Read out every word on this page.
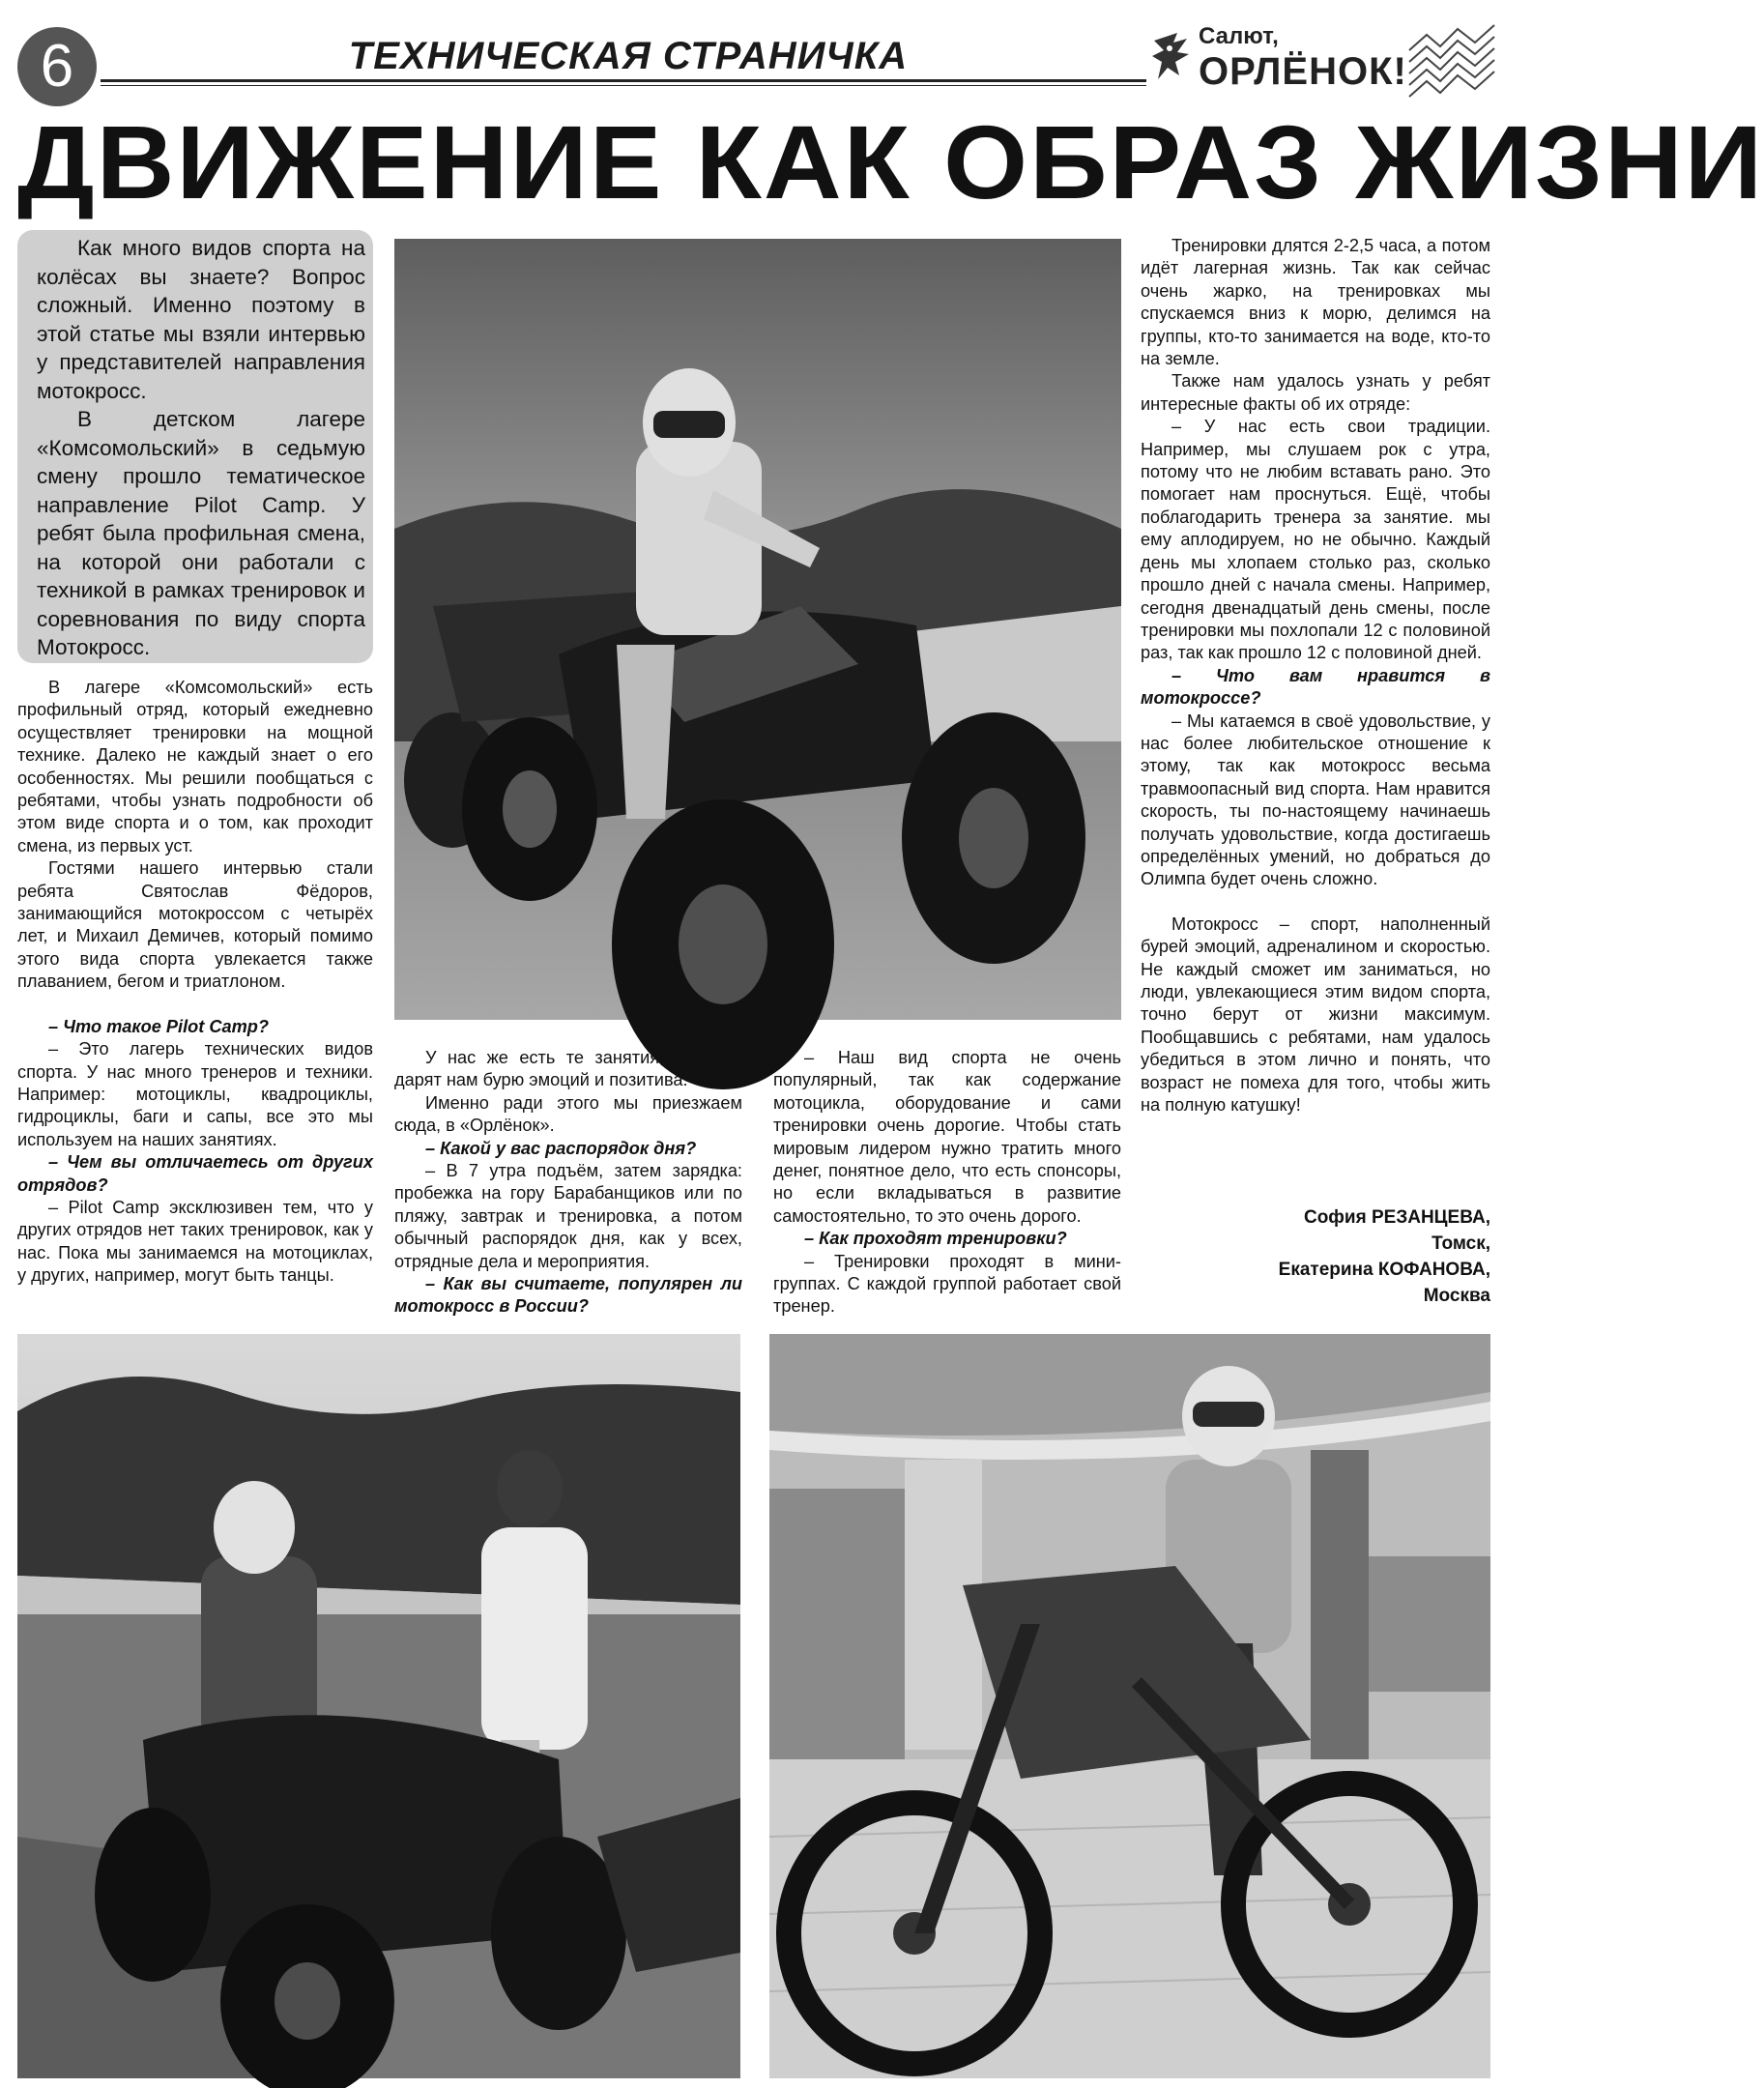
6	ТЕХНИЧЕСКАЯ СТРАНИЧКА	Салют,
ОРЛЁНОК!
ДВИЖЕНИЕ КАК ОБРАЗ ЖИЗНИ

Как много видов спорта на колёсах вы знаете? Вопрос сложный. Именно поэтому в этой статье мы взяли интервью у представителей направления мотокросс.

В детском лагере «Комсомольский» в седьмую смену прошло тематическое направление Pilot Camp. У ребят была профильная смена, на которой они работали с техникой в рамках тренировок и соревнования по виду спорта Мотокросс.

В лагере «Комсомольский» есть профильный отряд, который ежедневно осуществляет тренировки на мощной технике. Далеко не каждый знает о его особенностях. Мы решили пообщаться с ребятами, чтобы узнать подробности об этом виде спорта и о том, как проходит смена, из первых уст.

Гостями нашего интервью стали ребята Святослав Фёдоров, занимающийся мотокроссом с четырёх лет, и Михаил Демичев, который помимо этого вида спорта увлекается также плаванием, бегом и триатлоном.

– Что такое Pilot Camp?

– Это лагерь технических видов спорта. У нас много тренеров и техники. Например: мотоциклы, квадроциклы, гидроциклы, баги и сапы, все это мы используем на наших занятиях.

– Чем вы отличаетесь от других отрядов?

– Pilot Camp эксклюзивен тем, что у других отрядов нет таких тренировок, как у нас. Пока мы занимаемся на мотоциклах, у других, например, могут быть танцы.

У нас же есть те занятия, которые дарят нам бурю эмоций и позитива.

Именно ради этого мы приезжаем сюда, в «Орлёнок».

– Какой у вас распорядок дня?

– В 7 утра подъём, затем зарядка: пробежка на гору Барабанщиков или по пляжу, завтрак и тренировка, а потом обычный распорядок дня, как у всех, отрядные дела и мероприятия.

– Как вы считаете, популярен ли мотокросс в России?

– Наш вид спорта не очень популярный, так как содержание мотоцикла, оборудование и сами тренировки очень дорогие. Чтобы стать мировым лидером нужно тратить много денег, понятное дело, что есть спонсоры, но если вкладываться в развитие самостоятельно, то это очень дорого.

– Как проходят тренировки?

– Тренировки проходят в мини-группах. С каждой группой работает свой тренер.

Тренировки длятся 2-2,5 часа, а потом идёт лагерная жизнь. Так как сейчас очень жарко, на тренировках мы спускаемся вниз к морю, делимся на группы, кто-то занимается на воде, кто-то на земле.

Также нам удалось узнать у ребят интересные факты об их отряде:

– У нас есть свои традиции. Например, мы слушаем рок с утра, потому что не любим вставать рано. Это помогает нам проснуться. Ещё, чтобы поблагодарить тренера за занятие. мы ему аплодируем, но не обычно. Каждый день мы хлопаем столько раз, сколько прошло дней с начала смены. Например, сегодня двенадцатый день смены, после тренировки мы похлопали 12 с половиной раз, так как прошло 12 с половиной дней.

– Что вам нравится в мотокроссе?

– Мы катаемся в своё удовольствие, у нас более любительское отношение к этому, так как мотокросс весьма травмоопасный вид спорта. Нам нравится скорость, ты по-настоящему начинаешь получать удовольствие, когда достигаешь определённых умений, но добраться до Олимпа будет очень сложно.

Мотокросс – спорт, наполненный бурей эмоций, адреналином и скоростью. Не каждый сможет им заниматься, но люди, увлекающиеся этим видом спорта, точно берут от жизни максимум. Пообщавшись с ребятами, нам удалось убедиться в этом лично и понять, что возраст не помеха для того, чтобы жить на полную катушку!

София РЕЗАНЦЕВА,
Томск,
Екатерина КОФАНОВА,
Москва
